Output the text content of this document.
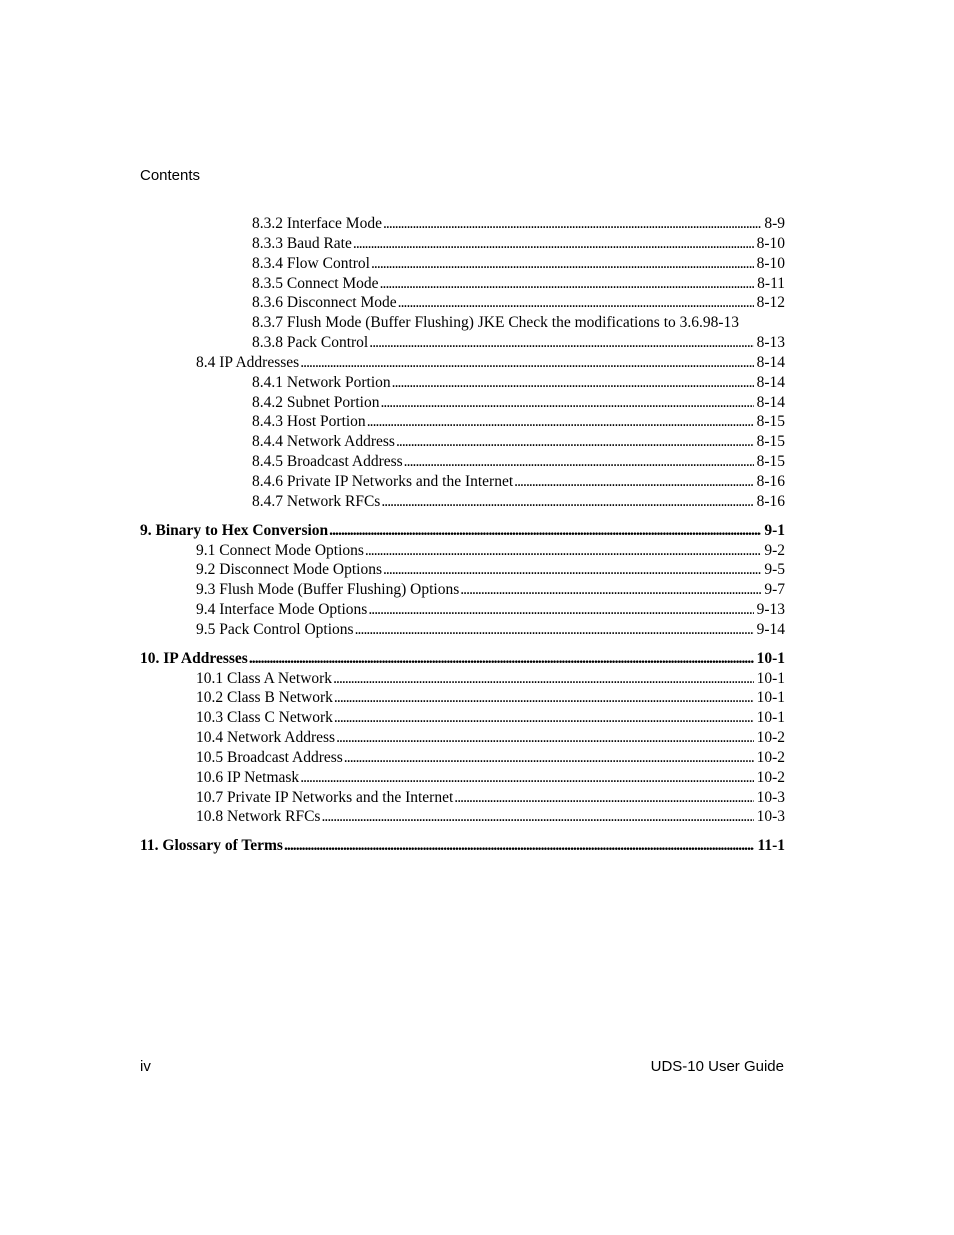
Contents
8.3.2 Interface Mode . . .	8-9
8.3.3 Baud Rate . . .	8-10
8.3.4 Flow Control . . .	8-10
8.3.5 Connect Mode . . .	8-11
8.3.6 Disconnect Mode . . .	8-12
8.3.7 Flush Mode (Buffer Flushing) JKE Check the modifications to 3.6.98-13
8.3.8 Pack Control . . .	8-13
8.4 IP Addresses . . .	8-14
8.4.1 Network Portion . . .	8-14
8.4.2 Subnet Portion . . .	8-14
8.4.3 Host Portion . . .	8-15
8.4.4 Network Address . . .	8-15
8.4.5 Broadcast Address . . .	8-15
8.4.6 Private IP Networks and the Internet . . .	8-16
8.4.7 Network RFCs . . .	8-16
9. Binary to Hex Conversion . . .	9-1
9.1 Connect Mode Options . . .	9-2
9.2 Disconnect Mode Options . . .	9-5
9.3 Flush Mode (Buffer Flushing) Options . . .	9-7
9.4 Interface Mode Options . . .	9-13
9.5 Pack Control Options . . .	9-14
10. IP Addresses . . .	10-1
10.1 Class A Network . . .	10-1
10.2 Class B Network . . .	10-1
10.3 Class C Network . . .	10-1
10.4 Network Address . . .	10-2
10.5 Broadcast Address . . .	10-2
10.6 IP Netmask . . .	10-2
10.7 Private IP Networks and the Internet . . .	10-3
10.8 Network RFCs . . .	10-3
11. Glossary of Terms . . .	11-1
iv	UDS-10 User Guide
